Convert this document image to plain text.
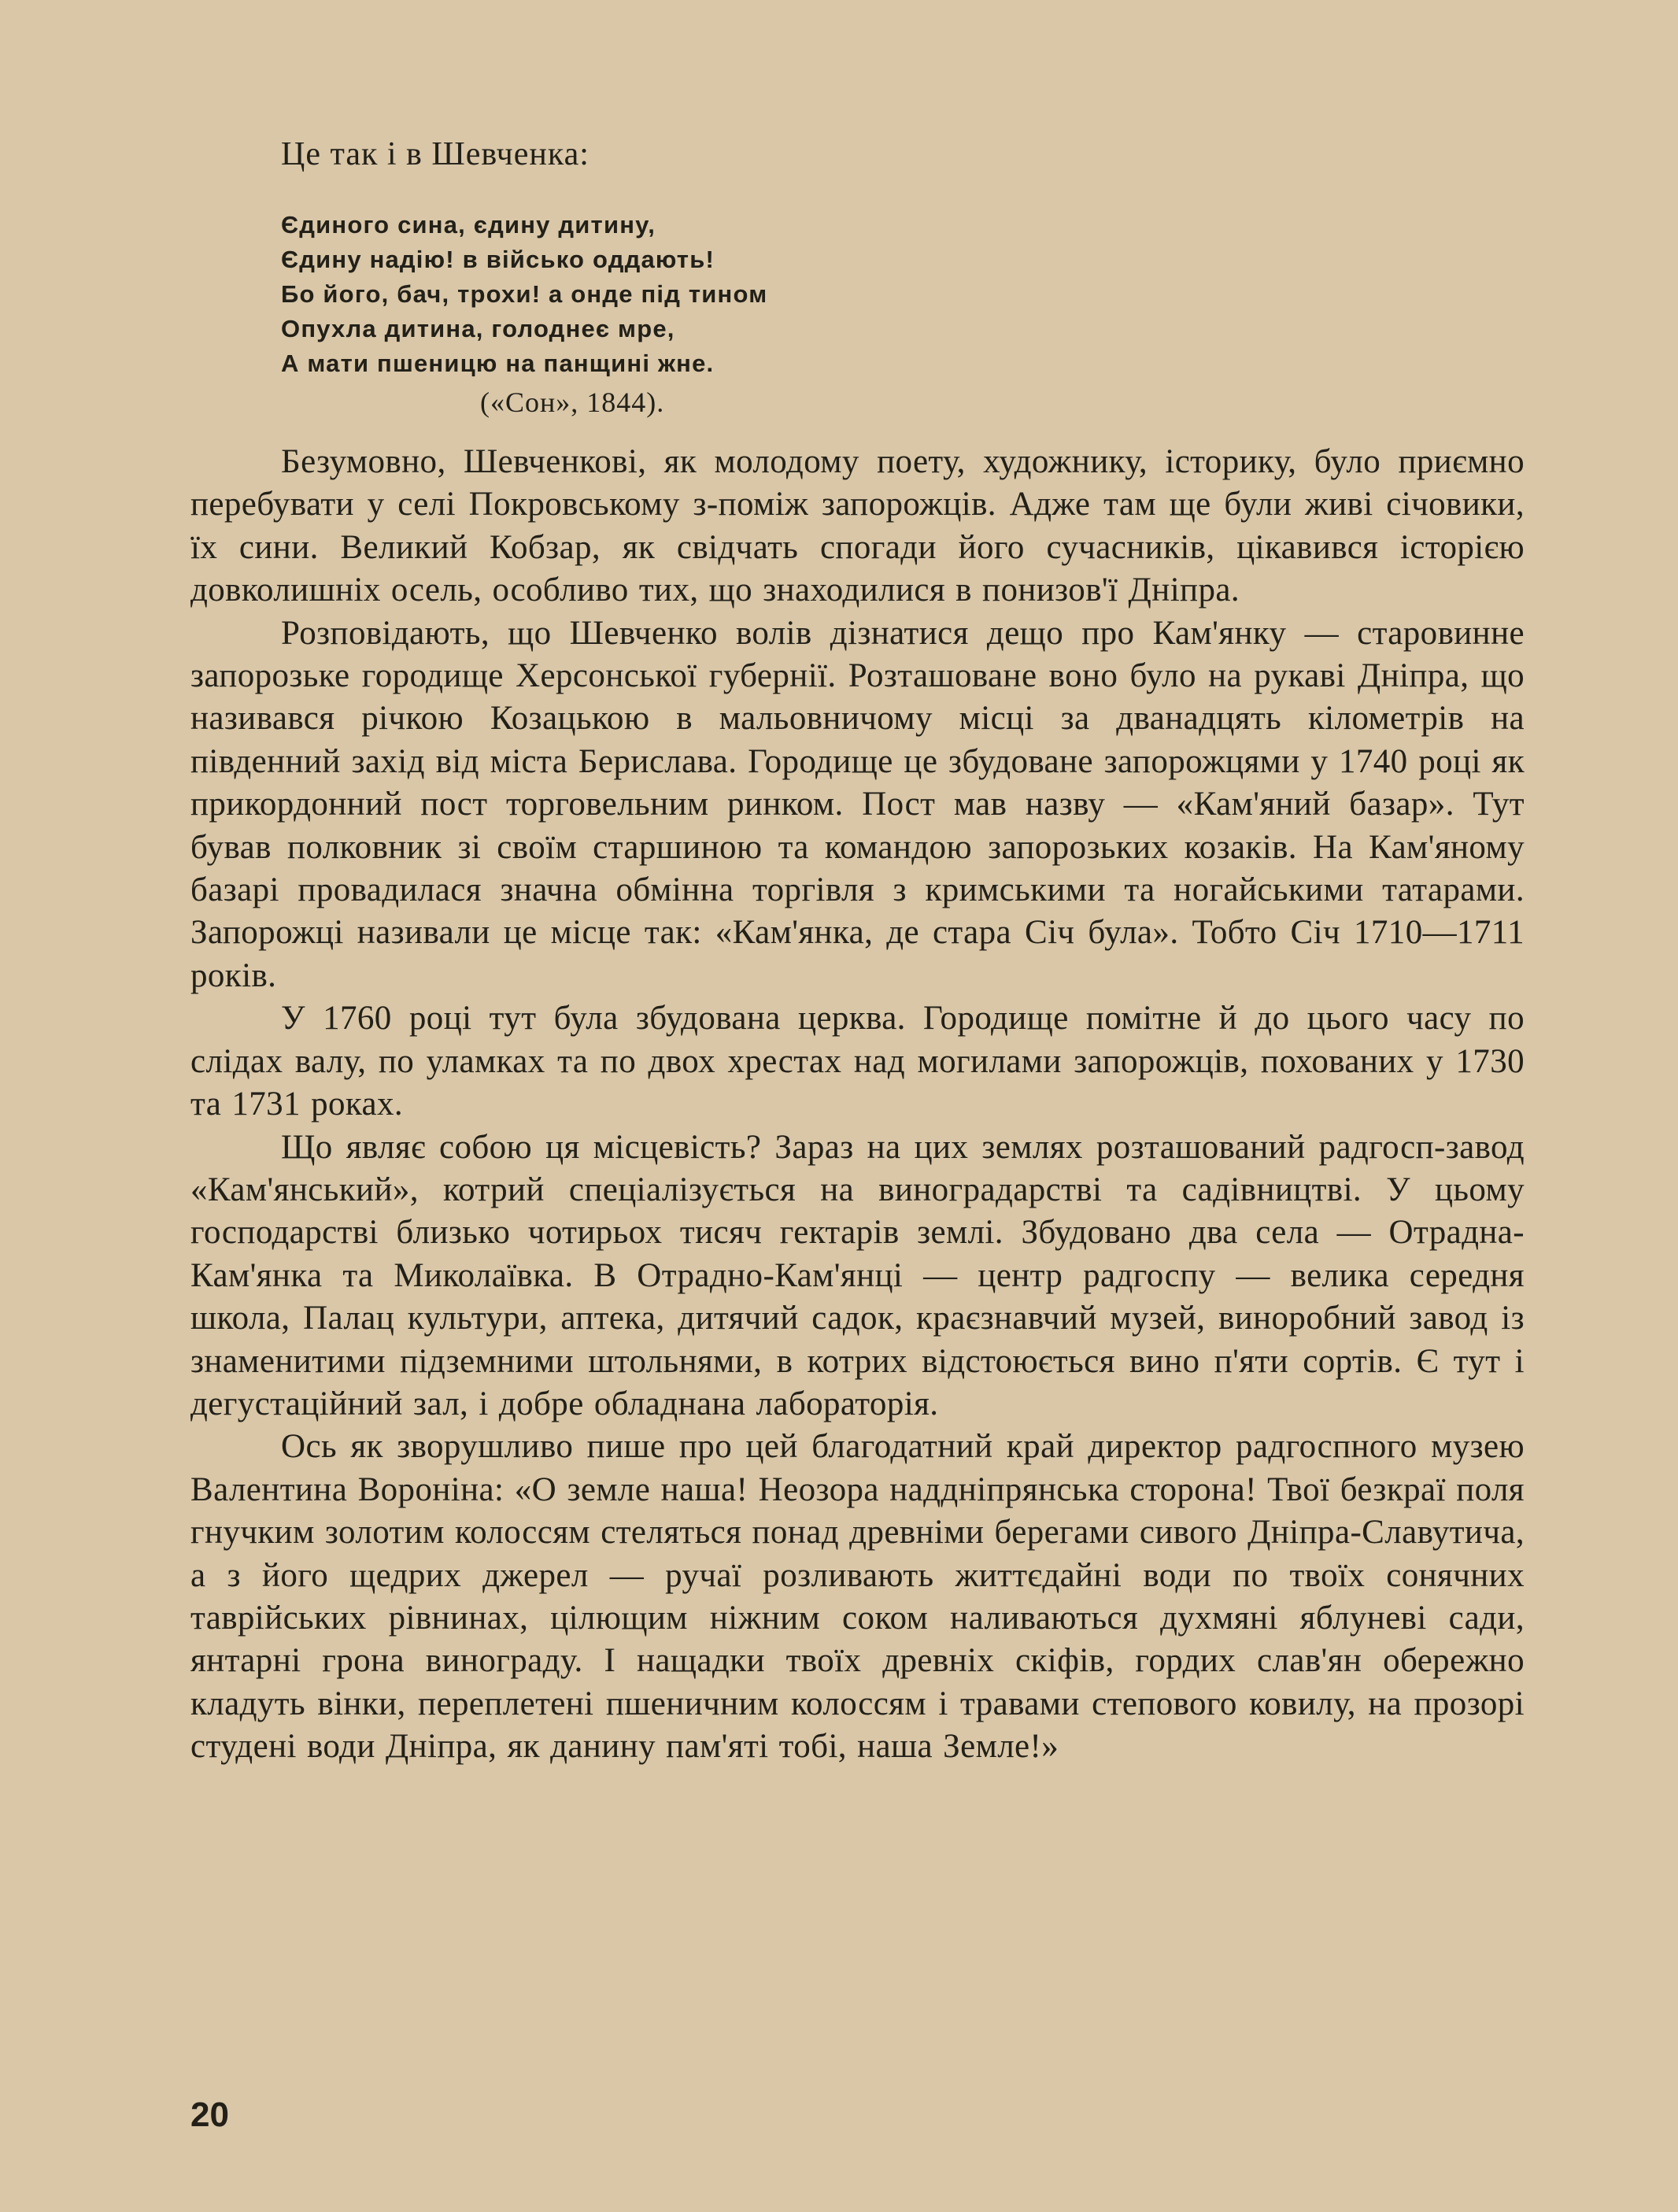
Це так і в Шевченка:
Єдиного сина, єдину дитину,
Єдину надію! в військо оддають!
Бо його, бач, трохи! а онде під тином
Опухла дитина, голоднеє мре,
А мати пшеницю на панщині жне.
(«Сон», 1844).

Безумовно, Шевченкові, як молодому поету, художнику, історику, було приємно перебувати у селі Покровському з-поміж запорожців. Адже там ще були живі січовики, їх сини. Великий Кобзар, як свідчать спогади його сучасників, цікавився історією довколишніх осель, особливо тих, що знаходилися в понизов'ї Дніпра.

Розповідають, що Шевченко волів дізнатися дещо про Кам'янку — старовинне запорозьке городище Херсонської губернії. Розташоване воно було на рукаві Дніпра, що називався річкою Козацькою в мальовничому місці за дванадцять кілометрів на південний захід від міста Берислава. Городище це збудоване запорожцями у 1740 році як прикордонний пост торговельним ринком. Пост мав назву — «Кам'яний базар». Тут бував полковник зі своїм старшиною та командою запорозьких козаків. На Кам'яному базарі провадилася значна обмінна торгівля з кримськими та ногайськими татарами. Запорожці називали це місце так: «Кам'янка, де стара Січ була». Тобто Січ 1710—1711 років.

У 1760 році тут була збудована церква. Городище помітне й до цього часу по слідах валу, по уламках та по двох хрестах над могилами запорожців, похованих у 1730 та 1731 роках.

Що являє собою ця місцевість? Зараз на цих землях розташований радгосп-завод «Кам'янський», котрий спеціалізується на виноградарстві та садівництві. У цьому господарстві близько чотирьох тисяч гектарів землі. Збудовано два села — Отрадна-Кам'янка та Миколаївка. В Отрадно-Кам'янці — центр радгоспу — велика середня школа, Палац культури, аптека, дитячий садок, краєзнавчий музей, виноробний завод із знаменитими підземними штольнями, в котрих відстоюється вино п'яти сортів. Є тут і дегустаційний зал, і добре обладнана лабораторія.

Ось як зворушливо пише про цей благодатний край директор радгоспного музею Валентина Вороніна: «О земле наша! Неозора наддніпрянська сторона! Твої безкраї поля гнучким золотим колоссям стеляться понад древніми берегами сивого Дніпра-Славутича, а з його щедрих джерел — ручаї розливають життєдайні води по твоїх сонячних таврійських рівнинах, цілющим ніжним соком наливаються духмяні яблуневі сади, янтарні грона винограду. І нащадки твоїх древніх скіфів, гордих слав'ян обережно кладуть вінки, переплетені пшеничним колоссям і травами степового ковилу, на прозорі студені води Дніпра, як данину пам'яті тобі, наша Земле!»

20
